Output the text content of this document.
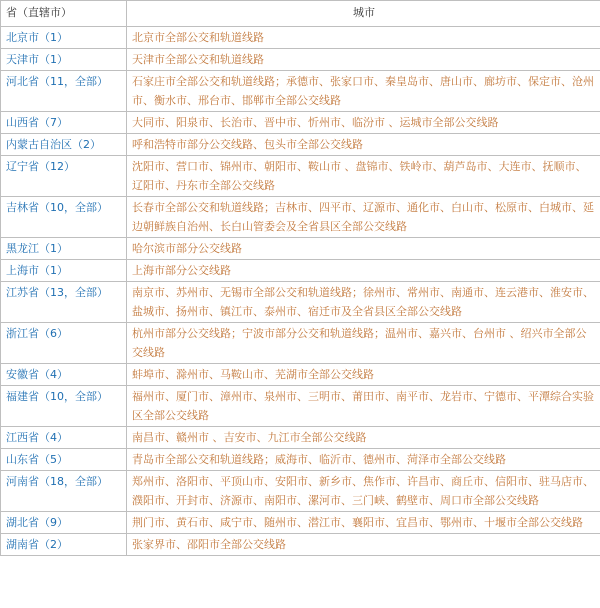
省（直辖市）	城市
北京市（1）	北京市全部公交和轨道线路
天津市（1）	天津市全部公交和轨道线路
河北省（11，全部）	石家庄市全部公交和轨道线路；承德市、张家口市、秦皇岛市、唐山市、廊坊市、保定市、沧州市、衡水市、邢台市、邯郸市全部公交线路
山西省（7）	大同市、阳泉市、长治市、晋中市、忻州市、临汾市 、运城市全部公交线路
内蒙古自治区（2）	呼和浩特市部分公交线路、包头市全部公交线路
辽宁省（12）	沈阳市、营口市、锦州市、朝阳市、鞍山市 、盘锦市、铁岭市、葫芦岛市、大连市、抚顺市、辽阳市、丹东市全部公交线路
吉林省（10，全部）	长春市全部公交和轨道线路；吉林市、四平市、辽源市、通化市、白山市、松原市、白城市、延边朝鲜族自治州、长白山管委会及全省县区全部公交线路
黑龙江（1）	哈尔滨市部分公交线路
上海市（1）	上海市部分公交线路
江苏省（13，全部）	南京市、苏州市、无锡市全部公交和轨道线路；徐州市、常州市、南通市、连云港市、淮安市、盐城市、扬州市、镇江市、泰州市、宿迁市及全省县区全部公交线路
浙江省（6）	杭州市部分公交线路；宁波市部分公交和轨道线路；温州市、嘉兴市、台州市 、绍兴市全部公交线路
安徽省（4）	蚌埠市、滁州市、马鞍山市、芜湖市全部公交线路
福建省（10，全部）	福州市、厦门市、漳州市、泉州市、三明市、莆田市、南平市、龙岩市、宁德市、平潭综合实验区全部公交线路
江西省（4）	南昌市、赣州市 、吉安市、九江市全部公交线路
山东省（5）	青岛市全部公交和轨道线路；威海市、临沂市、德州市、菏泽市全部公交线路
河南省（18，全部）	郑州市、洛阳市、平顶山市、安阳市、新乡市、焦作市、许昌市、商丘市、信阳市、驻马店市、濮阳市、开封市、济源市、南阳市、漯河市、三门峡、鹤壁市、周口市全部公交线路
湖北省（9）	荆门市、黄石市、咸宁市、随州市、潜江市、襄阳市、宜昌市、鄂州市、十堰市全部公交线路
湖南省（2）	张家界市、邵阳市全部公交线路
